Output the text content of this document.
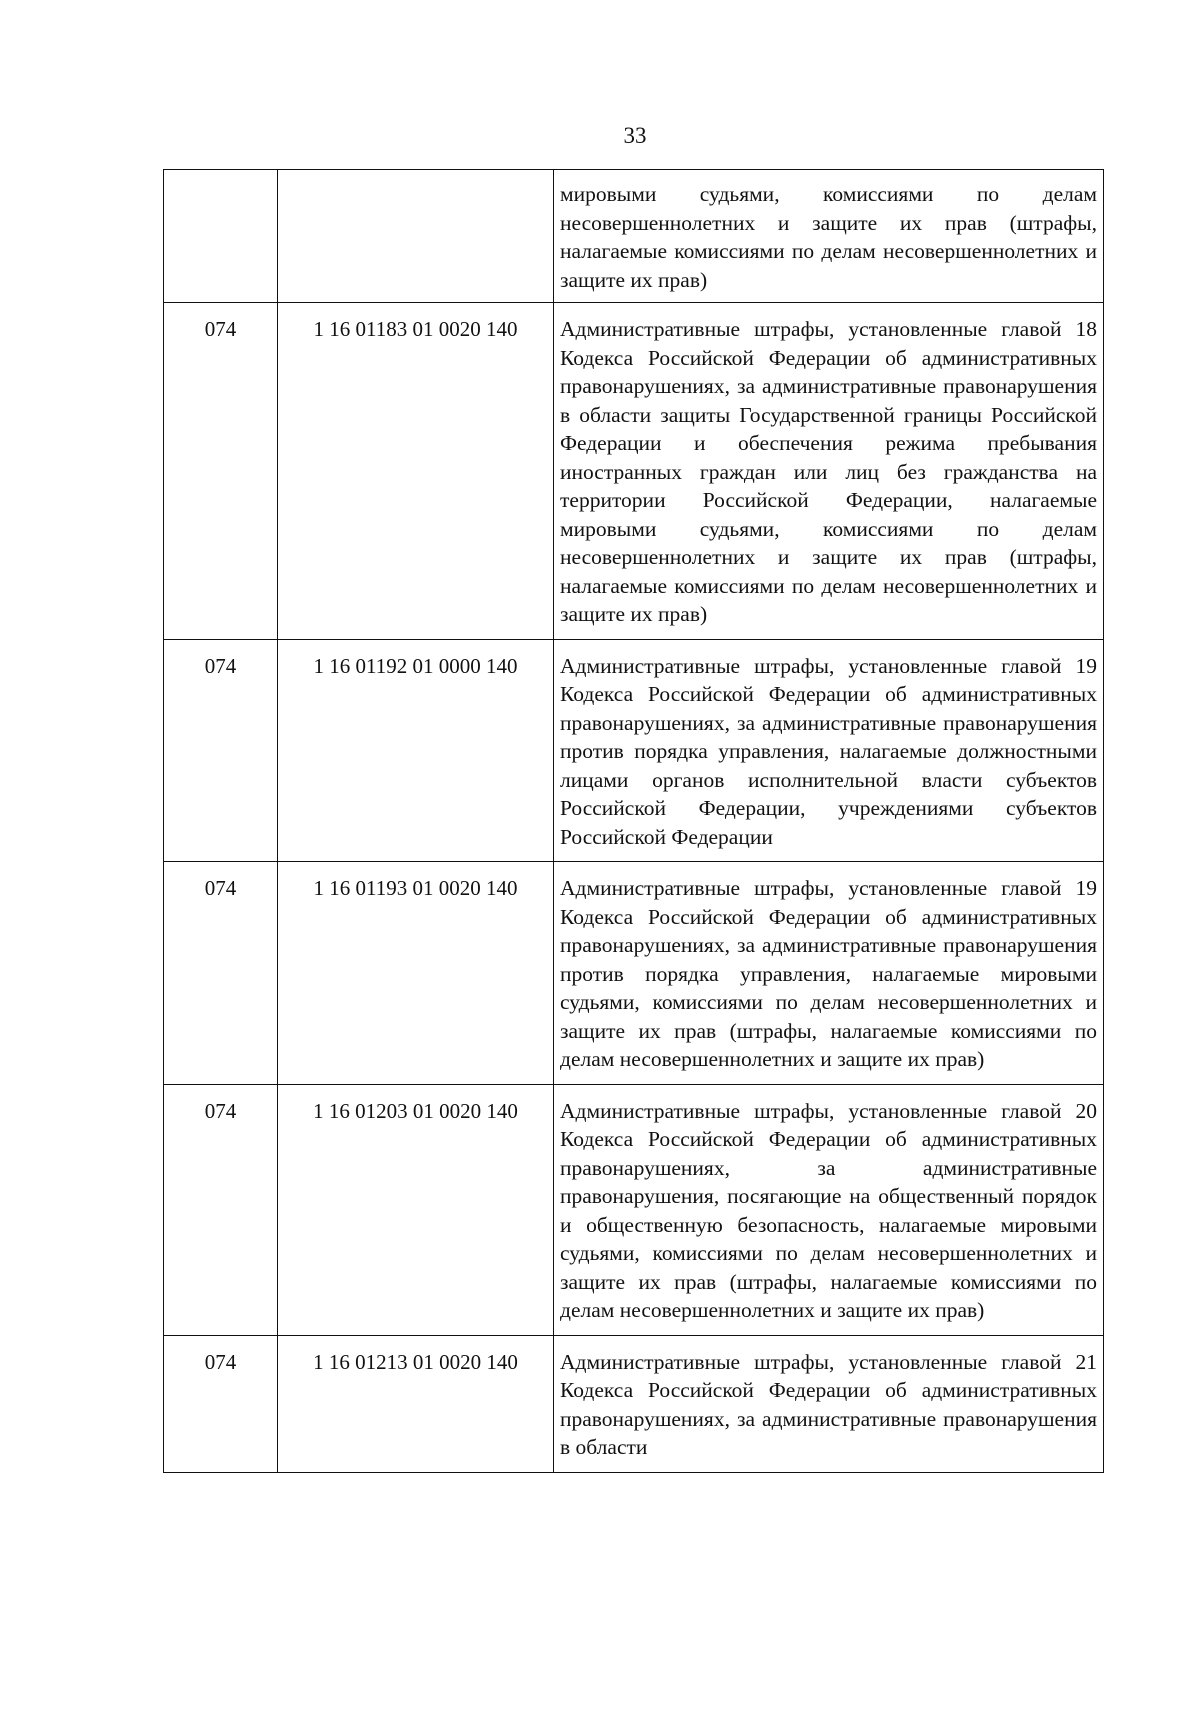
33
		мировыми судьями, комиссиями по делам несовершеннолетних и защите их прав (штрафы, налагаемые комиссиями по делам несовершеннолетних и защите их прав)
074	1 16 01183 01 0020 140	Административные штрафы, установленные главой 18 Кодекса Российской Федерации об административных правонарушениях, за административные правонарушения в области защиты Государственной границы Российской Федерации и обеспечения режима пребывания иностранных граждан или лиц без гражданства на территории Российской Федерации, налагаемые мировыми судьями, комиссиями по делам несовершеннолетних и защите их прав (штрафы, налагаемые комиссиями по делам несовершеннолетних и защите их прав)
074	1 16 01192 01 0000 140	Административные штрафы, установленные главой 19 Кодекса Российской Федерации об административных правонарушениях, за административные правонарушения против порядка управления, налагаемые должностными лицами органов исполнительной власти субъектов Российской Федерации, учреждениями субъектов Российской Федерации
074	1 16 01193 01 0020 140	Административные штрафы, установленные главой 19 Кодекса Российской Федерации об административных правонарушениях, за административные правонарушения против порядка управления, налагаемые мировыми судьями, комиссиями по делам несовершеннолетних и защите их прав (штрафы, налагаемые комиссиями по делам несовершеннолетних и защите их прав)
074	1 16 01203 01 0020 140	Административные штрафы, установленные главой 20 Кодекса Российской Федерации об административных правонарушениях, за административные правонарушения, посягающие на общественный порядок и общественную безопасность, налагаемые мировыми судьями, комиссиями по делам несовершеннолетних и защите их прав (штрафы, налагаемые комиссиями по делам несовершеннолетних и защите их прав)
074	1 16 01213 01 0020 140	Административные штрафы, установленные главой 21 Кодекса Российской Федерации об административных правонарушениях, за административные правонарушения в области
